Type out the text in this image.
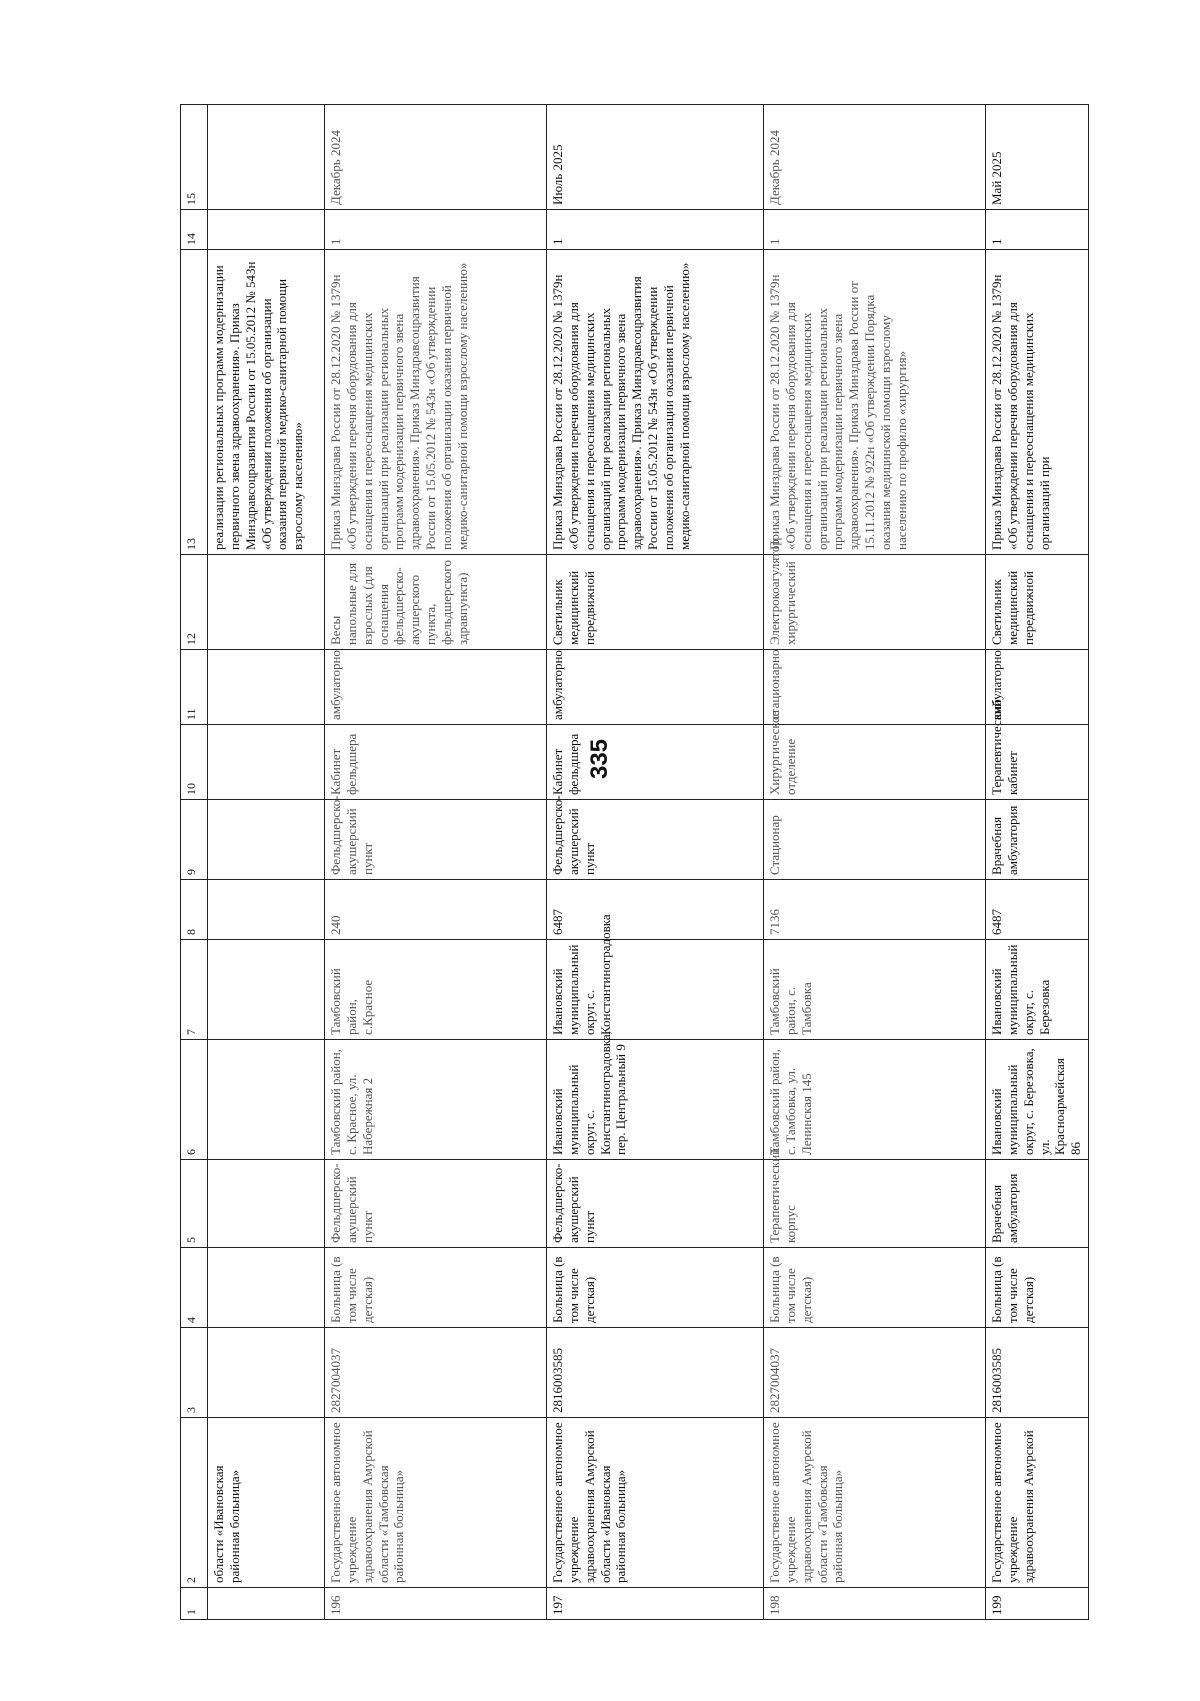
335
1	2	3	4	5	6	7	8	9	10	11	12	13	14	15
	области «Ивановская районная больница»											реализации региональных программ модернизации первичного звена здравоохранения». Приказ Минздравсоцразвития России от 15.05.2012 № 543н «Об утверждении положения об организации оказания первичной медико-санитарной помощи взрослому населению»		
196	Государственное автономное учреждение здравоохранения Амурской области «Тамбовская районная больница»	2827004037	Больница (в том числе детская)	Фельдшерско-акушерский пункт	Тамбовский район, с. Красное, ул. Набережная 2	Тамбовский район, с.Красное	240	Фельдшерско-акушерский пункт	Кабинет фельдшера	амбулаторно	Весы напольные для взрослых (для оснащения фельдшерско-акушерского пункта, фельдшерского здравпункта)	Приказ Минздрава России от 28.12.2020 № 1379н «Об утверждении перечня оборудования для оснащения и переоснащения медицинских организаций при реализации региональных программ модернизации первичного звена здравоохранения». Приказ Минздравсоцразвития России от 15.05.2012 № 543н «Об утверждении положения об организации оказания первичной медико-санитарной помощи взрослому населению»	1	Декабрь 2024
197	Государственное автономное учреждение здравоохранения Амурской области «Ивановская районная больница»	2816003585	Больница (в том числе детская)	Фельдшерско-акушерский пункт	Ивановский муниципальный округ, с. Константиноградовка, пер. Центральный 9	Ивановский муниципальный округ, с. Константиноградовка	6487	Фельдшерско-акушерский пункт	Кабинет фельдшера	амбулаторно	Светильник медицинский передвижной	Приказ Минздрава России от 28.12.2020 № 1379н «Об утверждении перечня оборудования для оснащения и переоснащения медицинских организаций при реализации региональных программ модернизации первичного звена здравоохранения». Приказ Минздравсоцразвития России от 15.05.2012 № 543н «Об утверждении положения об организации оказания первичной медико-санитарной помощи взрослому населению»	1	Июль 2025
198	Государственное автономное учреждение здравоохранения Амурской области «Тамбовская районная больница»	2827004037	Больница (в том числе детская)	Терапевтический корпус	Тамбовский район, с. Тамбовка, ул. Ленинская 145	Тамбовский район, с. Тамбовка	7136	Стационар	Хирургическое отделение	стационарно	Электрокоагулятор хирургический	Приказ Минздрава России от 28.12.2020 № 1379н «Об утверждении перечня оборудования для оснащения и переоснащения медицинских организаций при реализации региональных программ модернизации первичного звена здравоохранения». Приказ Минздрава России от 15.11.2012 № 922н «Об утверждении Порядка оказания медицинской помощи взрослому населению по профилю «хирургия»	1	Декабрь 2024
199	Государственное автономное учреждение здравоохранения Амурской	2816003585	Больница (в том числе детская)	Врачебная амбулатория	Ивановский муниципальный округ, с. Березовка, ул. Красноармейская 86	Ивановский муниципальный округ, с. Березовка	6487	Врачебная амбулатория	Терапевтический кабинет	амбулаторно	Светильник медицинский передвижной	Приказ Минздрава России от 28.12.2020 № 1379н «Об утверждении перечня оборудования для оснащения и переоснащения медицинских организаций при	1	Май 2025
